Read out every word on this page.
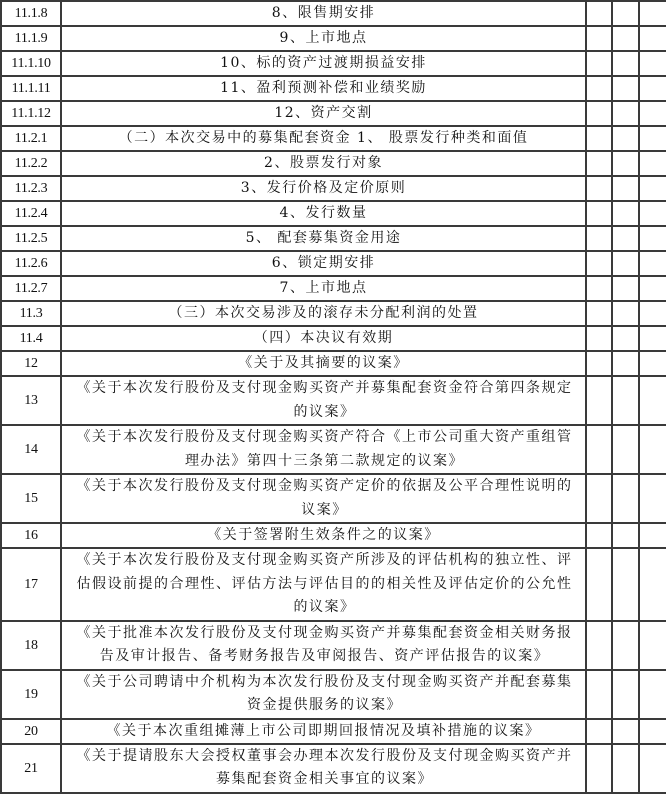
11.1.8	8、限售期安排			
11.1.9	9、上市地点			
11.1.10	10、标的资产过渡期损益安排			
11.1.11	11、盈利预测补偿和业绩奖励			
11.1.12	12、资产交割			
11.2.1	（二）本次交易中的募集配套资金 1、 股票发行种类和面值			
11.2.2	2、股票发行对象			
11.2.3	3、发行价格及定价原则			
11.2.4	4、发行数量			
11.2.5	5、 配套募集资金用途			
11.2.6	6、锁定期安排			
11.2.7	7、上市地点			
11.3	（三）本次交易涉及的滚存未分配利润的处置			
11.4	（四）本决议有效期			
12	《关于及其摘要的议案》			
13	《关于本次发行股份及支付现金购买资产并募集配套资金符合第四条规定的议案》			
14	《关于本次发行股份及支付现金购买资产符合《上市公司重大资产重组管理办法》第四十三条第二款规定的议案》			
15	《关于本次发行股份及支付现金购买资产定价的依据及公平合理性说明的议案》			
16	《关于签署附生效条件之的议案》			
17	《关于本次发行股份及支付现金购买资产所涉及的评估机构的独立性、评估假设前提的合理性、评估方法与评估目的的相关性及评估定价的公允性的议案》			
18	《关于批准本次发行股份及支付现金购买资产并募集配套资金相关财务报告及审计报告、备考财务报告及审阅报告、资产评估报告的议案》			
19	《关于公司聘请中介机构为本次发行股份及支付现金购买资产并配套募集资金提供服务的议案》			
20	《关于本次重组摊薄上市公司即期回报情况及填补措施的议案》			
21	《关于提请股东大会授权董事会办理本次发行股份及支付现金购买资产并募集配套资金相关事宜的议案》			
